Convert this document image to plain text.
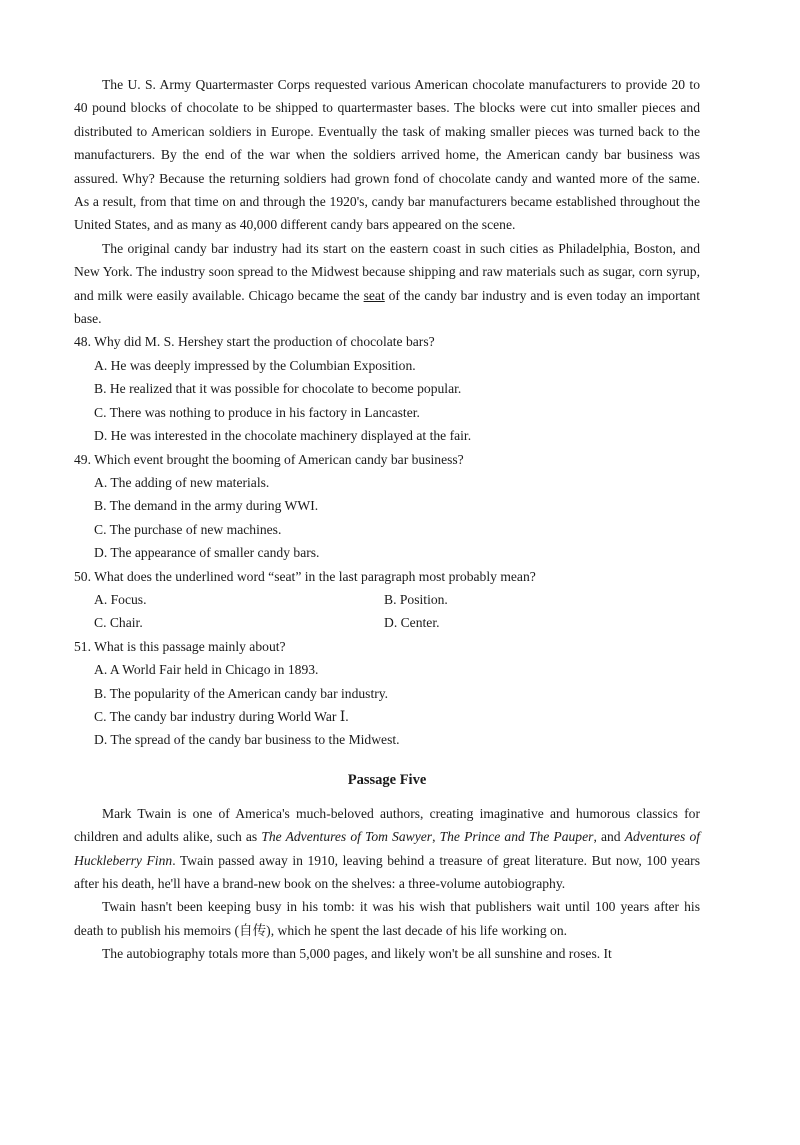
The U. S. Army Quartermaster Corps requested various American chocolate manufacturers to provide 20 to 40 pound blocks of chocolate to be shipped to quartermaster bases. The blocks were cut into smaller pieces and distributed to American soldiers in Europe. Eventually the task of making smaller pieces was turned back to the manufacturers. By the end of the war when the soldiers arrived home, the American candy bar business was assured. Why? Because the returning soldiers had grown fond of chocolate candy and wanted more of the same. As a result, from that time on and through the 1920's, candy bar manufacturers became established throughout the United States, and as many as 40,000 different candy bars appeared on the scene.

The original candy bar industry had its start on the eastern coast in such cities as Philadelphia, Boston, and New York. The industry soon spread to the Midwest because shipping and raw materials such as sugar, corn syrup, and milk were easily available. Chicago became the seat of the candy bar industry and is even today an important base.

48. Why did M. S. Hershey start the production of chocolate bars?

A. He was deeply impressed by the Columbian Exposition.

B. He realized that it was possible for chocolate to become popular.

C. There was nothing to produce in his factory in Lancaster.

D. He was interested in the chocolate machinery displayed at the fair.

49. Which event brought the booming of American candy bar business?

A. The adding of new materials.

B. The demand in the army during WWI.

C. The purchase of new machines.

D. The appearance of smaller candy bars.

50. What does the underlined word “seat” in the last paragraph most probably mean?

A. Focus.	B. Position.

C. Chair.	D. Center.

51. What is this passage mainly about?

A. A World Fair held in Chicago in 1893.

B. The popularity of the American candy bar industry.

C. The candy bar industry during World War Ⅰ.

D. The spread of the candy bar business to the Midwest.

Passage Five

Mark Twain is one of America's much-beloved authors, creating imaginative and humorous classics for children and adults alike, such as The Adventures of Tom Sawyer, The Prince and The Pauper, and Adventures of Huckleberry Finn. Twain passed away in 1910, leaving behind a treasure of great literature. But now, 100 years after his death, he'll have a brand-new book on the shelves: a three-volume autobiography.

Twain hasn't been keeping busy in his tomb: it was his wish that publishers wait until 100 years after his death to publish his memoirs (自传), which he spent the last decade of his life working on.

The autobiography totals more than 5,000 pages, and likely won't be all sunshine and roses. It
